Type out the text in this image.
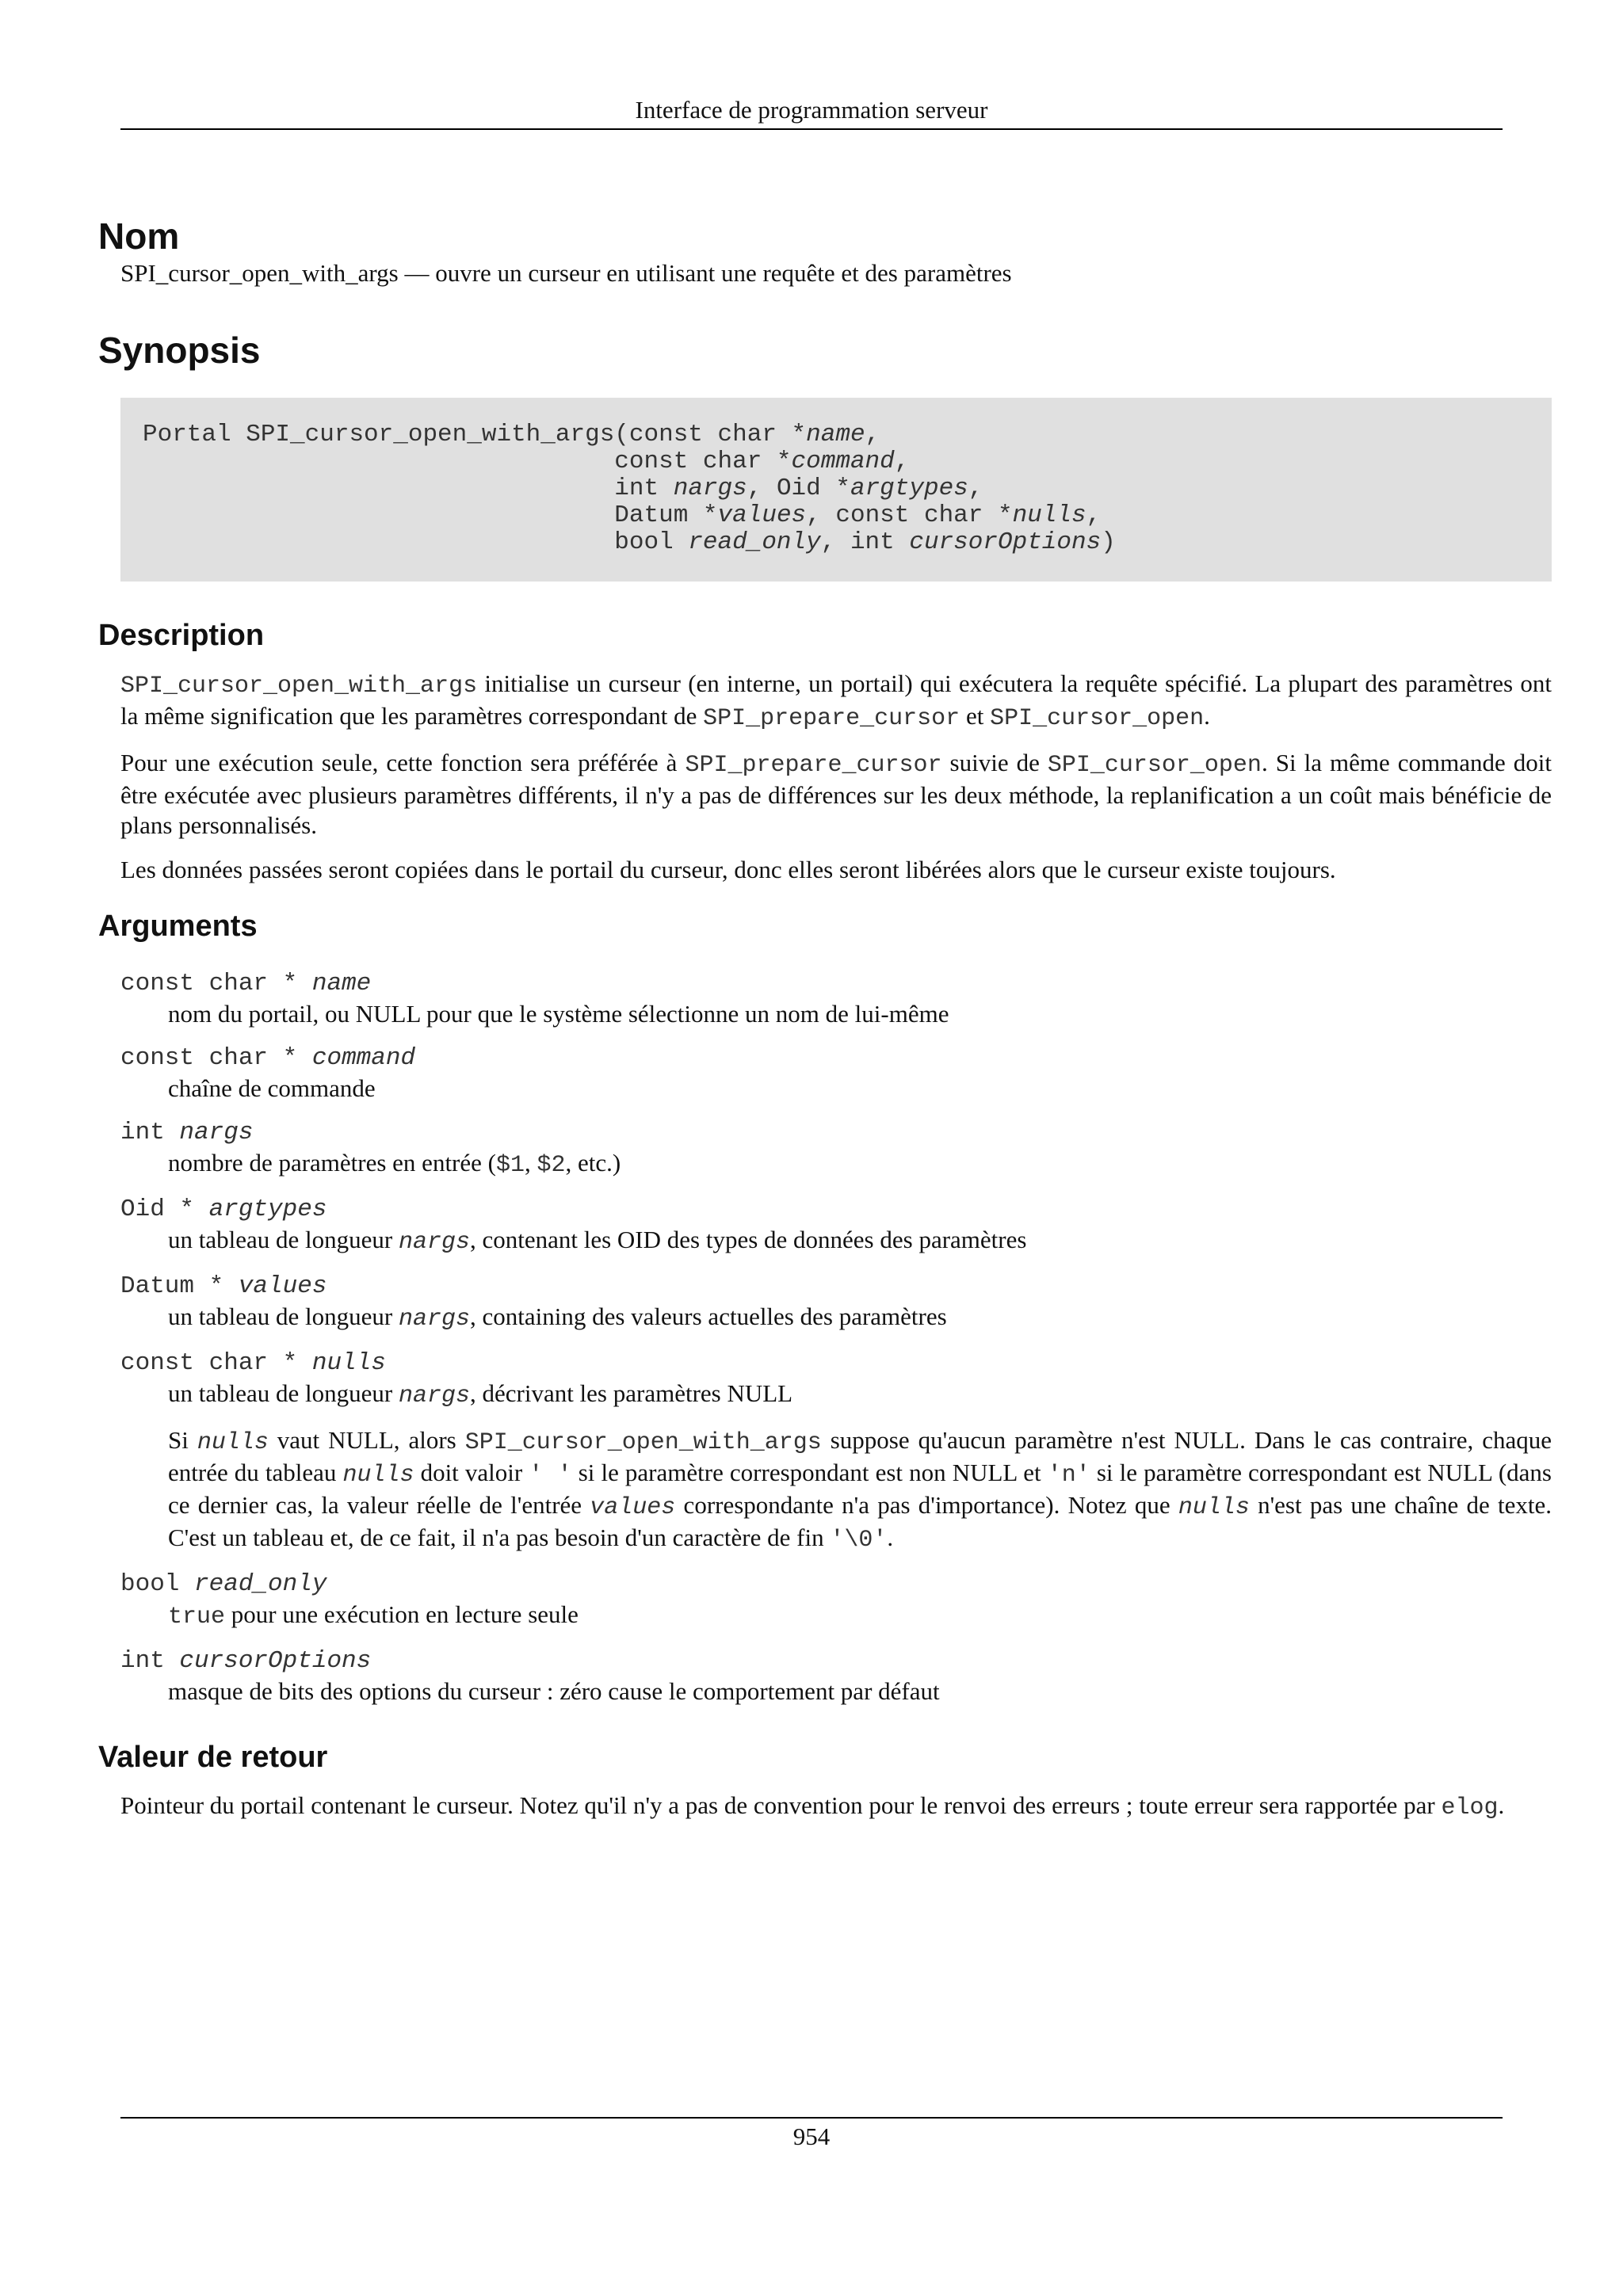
Interface de programmation serveur
Nom

SPI_cursor_open_with_args — ouvre un curseur en utilisant une requête et des paramètres

Synopsis
Portal SPI_cursor_open_with_args(const char *name,
const char *command,
int nargs, Oid *argtypes,
Datum *values, const char *nulls,
bool read_only, int cursorOptions)
Description

SPI_cursor_open_with_args initialise un curseur (en interne, un portail) qui exécutera la requête spécifié. La plupart des paramètres ont la même signification que les paramètres correspondant de SPI_prepare_cursor et SPI_cursor_open.

Pour une exécution seule, cette fonction sera préférée à SPI_prepare_cursor suivie de SPI_cursor_open. Si la même commande doit être exécutée avec plusieurs paramètres différents, il n'y a pas de différences sur les deux méthode, la replanification a un coût mais bénéficie de plans personnalisés.

Les données passées seront copiées dans le portail du curseur, donc elles seront libérées alors que le curseur existe toujours.

Arguments
const char * name
nom du portail, ou NULL pour que le système sélectionne un nom de lui-même
const char * command
chaîne de commande
int nargs
nombre de paramètres en entrée ($1, $2, etc.)
Oid * argtypes
un tableau de longueur nargs, contenant les OID des types de données des paramètres
Datum * values
un tableau de longueur nargs, containing des valeurs actuelles des paramètres
const char * nulls
un tableau de longueur nargs, décrivant les paramètres NULL
Si nulls vaut NULL, alors SPI_cursor_open_with_args suppose qu'aucun paramètre n'est NULL. Dans le cas contraire, chaque entrée du tableau nulls doit valoir ' ' si le paramètre correspondant est non NULL et 'n' si le paramètre correspondant est NULL (dans ce dernier cas, la valeur réelle de l'entrée values correspondante n'a pas d'importance). Notez que nulls n'est pas une chaîne de texte. C'est un tableau et, de ce fait, il n'a pas besoin d'un caractère de fin '\0'.
bool read_only
true pour une exécution en lecture seule
int cursorOptions
masque de bits des options du curseur : zéro cause le comportement par défaut
Valeur de retour

Pointeur du portail contenant le curseur. Notez qu'il n'y a pas de convention pour le renvoi des erreurs ; toute erreur sera rapportée par elog.

954
